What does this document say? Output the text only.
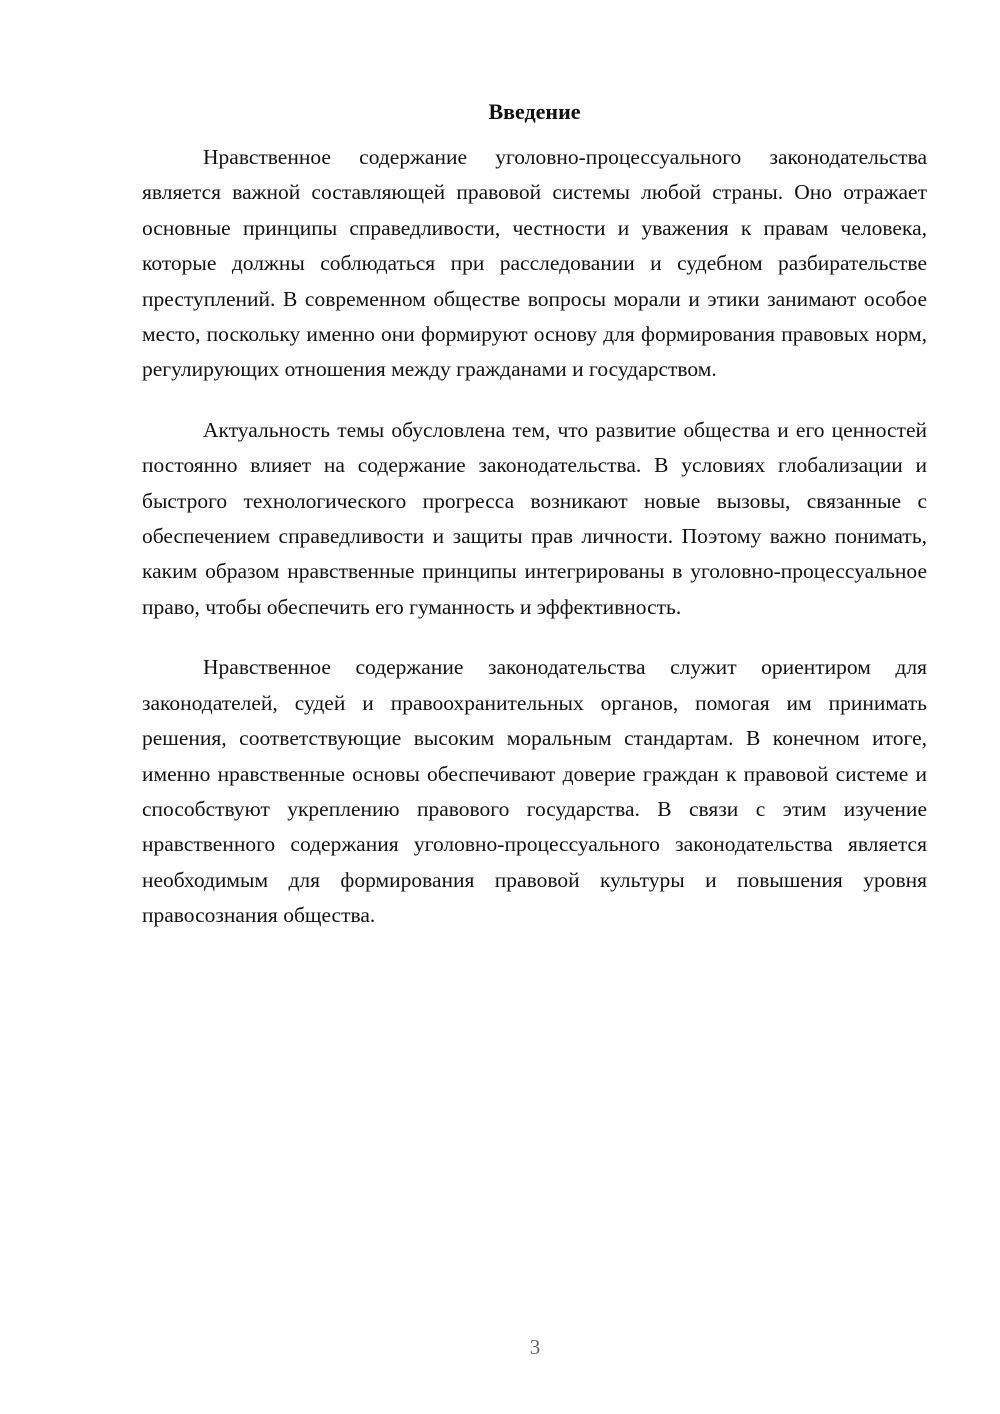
Введение

Нравственное содержание уголовно-процессуального законодательства является важной составляющей правовой системы любой страны. Оно отражает основные принципы справедливости, честности и уважения к правам человека, которые должны соблюдаться при расследовании и судебном разбирательстве преступлений. В современном обществе вопросы морали и этики занимают особое место, поскольку именно они формируют основу для формирования правовых норм, регулирующих отношения между гражданами и государством.

Актуальность темы обусловлена тем, что развитие общества и его ценностей постоянно влияет на содержание законодательства. В условиях глобализации и быстрого технологического прогресса возникают новые вызовы, связанные с обеспечением справедливости и защиты прав личности. Поэтому важно понимать, каким образом нравственные принципы интегрированы в уголовно-процессуальное право, чтобы обеспечить его гуманность и эффективность.

Нравственное содержание законодательства служит ориентиром для законодателей, судей и правоохранительных органов, помогая им принимать решения, соответствующие высоким моральным стандартам. В конечном итоге, именно нравственные основы обеспечивают доверие граждан к правовой системе и способствуют укреплению правового государства. В связи с этим изучение нравственного содержания уголовно-процессуального законодательства является необходимым для формирования правовой культуры и повышения уровня правосознания общества.

3
